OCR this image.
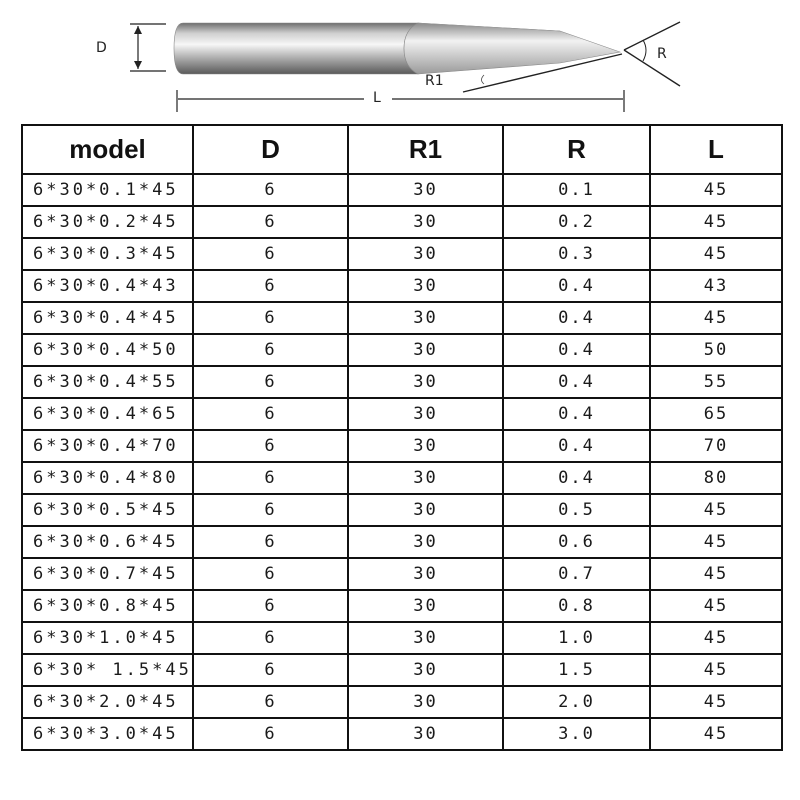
D
R1
R
L
model	D	R1	R	L
6*30*0.1*45	6	30	0.1	45
6*30*0.2*45	6	30	0.2	45
6*30*0.3*45	6	30	0.3	45
6*30*0.4*43	6	30	0.4	43
6*30*0.4*45	6	30	0.4	45
6*30*0.4*50	6	30	0.4	50
6*30*0.4*55	6	30	0.4	55
6*30*0.4*65	6	30	0.4	65
6*30*0.4*70	6	30	0.4	70
6*30*0.4*80	6	30	0.4	80
6*30*0.5*45	6	30	0.5	45
6*30*0.6*45	6	30	0.6	45
6*30*0.7*45	6	30	0.7	45
6*30*0.8*45	6	30	0.8	45
6*30*1.0*45	6	30	1.0	45
6*30* 1.5*45	6	30	1.5	45
6*30*2.0*45	6	30	2.0	45
6*30*3.0*45	6	30	3.0	45
